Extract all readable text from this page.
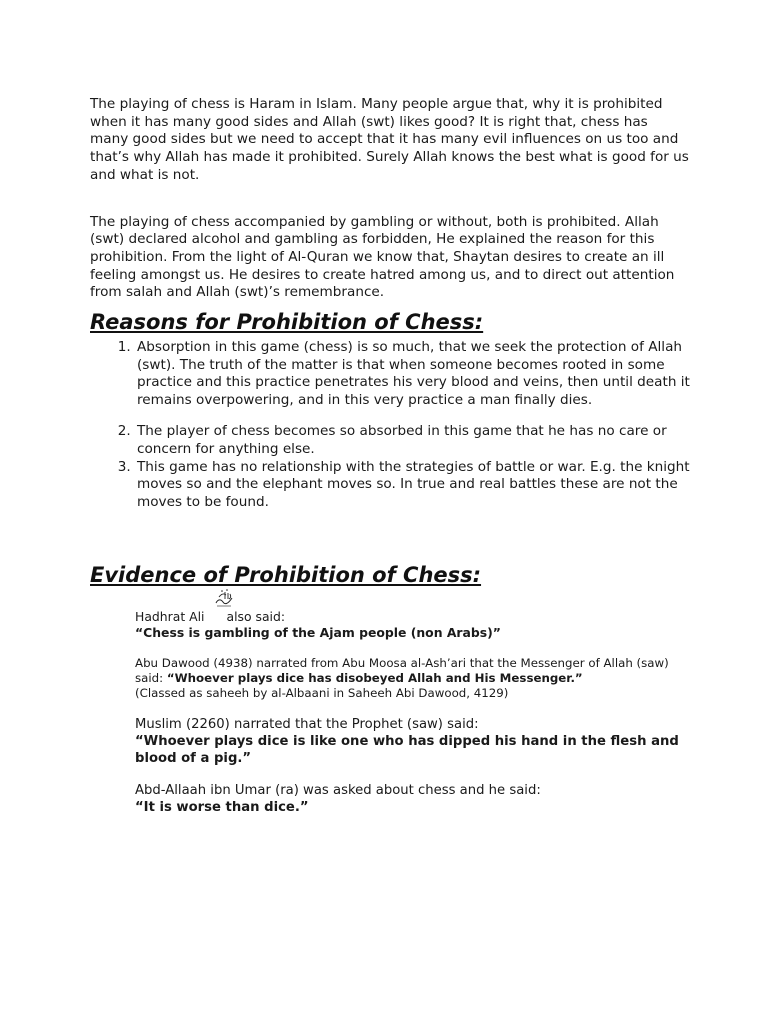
The playing of chess is Haram in Islam. Many people argue that, why it is prohibited when it has many good sides and Allah (swt) likes good? It is right that, chess has many good sides but we need to accept that it has many evil influences on us too and that’s why Allah has made it prohibited. Surely Allah knows the best what is good for us and what is not.

The playing of chess accompanied by gambling or without, both is prohibited. Allah (swt) declared alcohol and gambling as forbidden, He explained the reason for this prohibition. From the light of Al-Quran we know that, Shaytan desires to create an ill feeling amongst us. He desires to create hatred among us, and to direct out attention from salah and Allah (swt)’s remembrance.

Reasons for Prohibition of Chess:
1. Absorption in this game (chess) is so much, that we seek the protection of Allah (swt). The truth of the matter is that when someone becomes rooted in some practice and this practice penetrates his very blood and veins, then until death it remains overpowering, and in this very practice a man finally dies.
2. The player of chess becomes so absorbed in this game that he has no care or concern for anything else.
3. This game has no relationship with the strategies of battle or war. E.g. the knight moves so and the elephant moves so. In true and real battles these are not the moves to be found.
Evidence of Prohibition of Chess:
Hadhrat Ali also said:
“Chess is gambling of the Ajam people (non Arabs)”
Abu Dawood (4938) narrated from Abu Moosa al-Ash’ari that the Messenger of Allah (saw) said: “Whoever plays dice has disobeyed Allah and His Messenger.”
(Classed as saheeh by al-Albaani in Saheeh Abi Dawood, 4129)
Muslim (2260) narrated that the Prophet (saw) said:
“Whoever plays dice is like one who has dipped his hand in the flesh and blood of a pig.”
Abd-Allaah ibn Umar (ra) was asked about chess and he said:
“It is worse than dice.”
